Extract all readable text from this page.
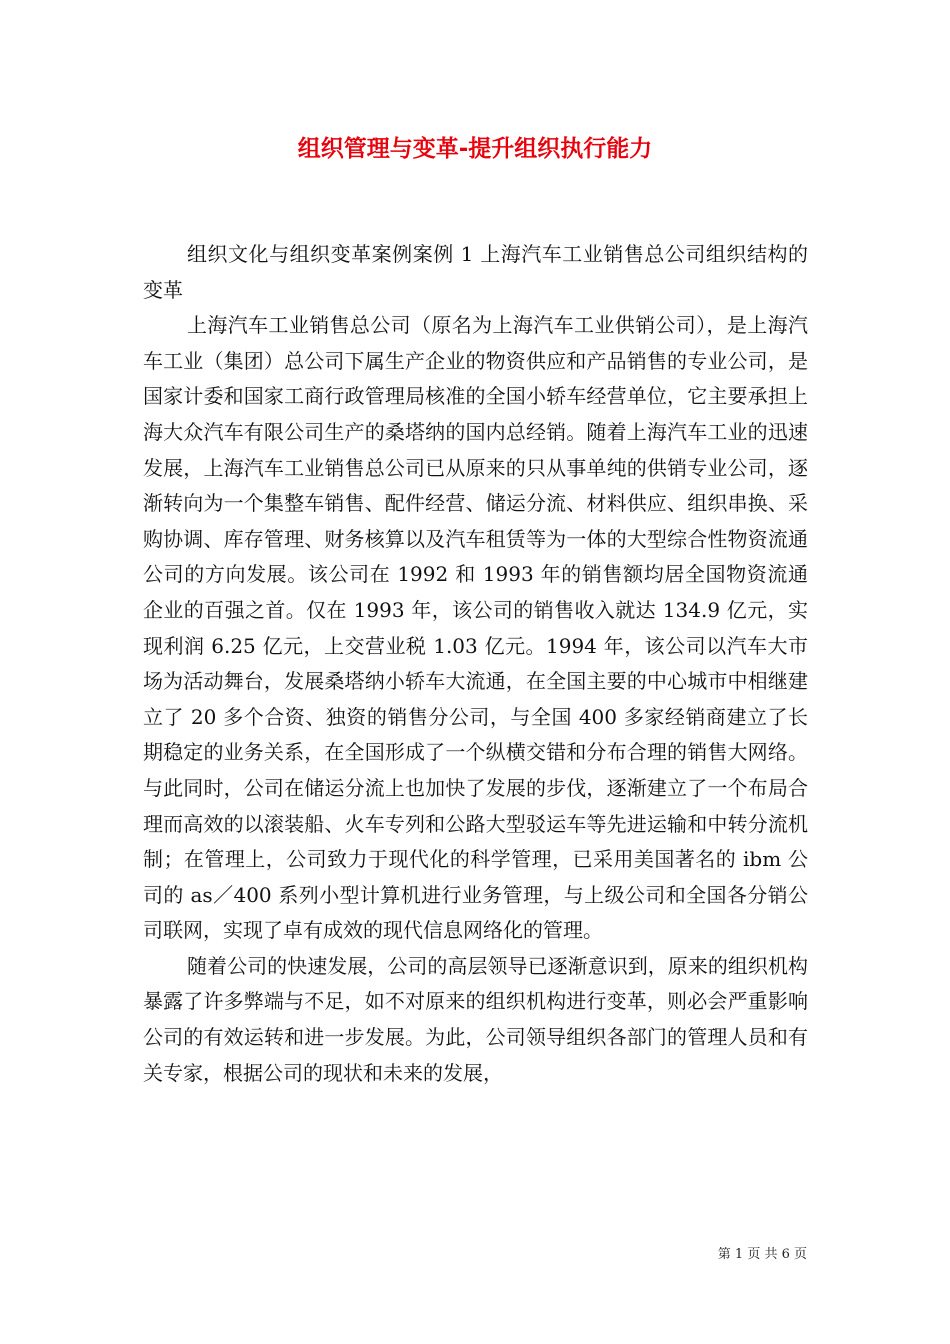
组织管理与变革-提升组织执行能力

组织文化与组织变革案例案例 1 上海汽车工业销售总公司组织结构的变革

上海汽车工业销售总公司（原名为上海汽车工业供销公司），是上海汽车工业（集团）总公司下属生产企业的物资供应和产品销售的专业公司，是国家计委和国家工商行政管理局核准的全国小轿车经营单位，它主要承担上海大众汽车有限公司生产的桑塔纳的国内总经销。随着上海汽车工业的迅速发展，上海汽车工业销售总公司已从原来的只从事单纯的供销专业公司，逐渐转向为一个集整车销售、配件经营、储运分流、材料供应、组织串换、采购协调、库存管理、财务核算以及汽车租赁等为一体的大型综合性物资流通公司的方向发展。该公司在 1992 和 1993 年的销售额均居全国物资流通企业的百强之首。仅在 1993 年，该公司的销售收入就达 134.9 亿元，实现利润 6.25 亿元，上交营业税 1.03 亿元。1994 年，该公司以汽车大市场为活动舞台，发展桑塔纳小轿车大流通，在全国主要的中心城市中相继建立了 20 多个合资、独资的销售分公司，与全国 400 多家经销商建立了长期稳定的业务关系，在全国形成了一个纵横交错和分布合理的销售大网络。与此同时，公司在储运分流上也加快了发展的步伐，逐渐建立了一个布局合理而高效的以滚装船、火车专列和公路大型驳运车等先进运输和中转分流机制；在管理上，公司致力于现代化的科学管理，已采用美国著名的 ibm 公司的 as／400 系列小型计算机进行业务管理，与上级公司和全国各分销公司联网，实现了卓有成效的现代信息网络化的管理。

随着公司的快速发展，公司的高层领导已逐渐意识到，原来的组织机构暴露了许多弊端与不足，如不对原来的组织机构进行变革，则必会严重影响公司的有效运转和进一步发展。为此，公司领导组织各部门的管理人员和有关专家，根据公司的现状和未来的发展，

第 1 页 共 6 页
